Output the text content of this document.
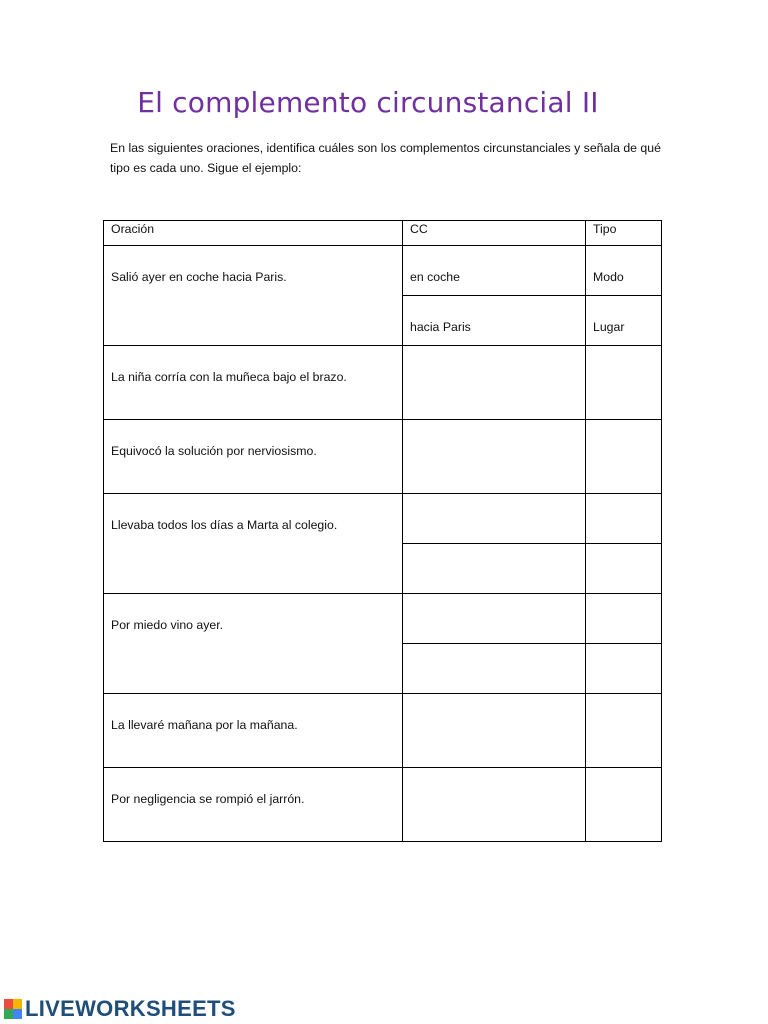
El complemento circunstancial II
En las siguientes oraciones, identifica cuáles son los complementos circunstanciales y señala de qué tipo es cada uno. Sigue el ejemplo:
Oración	CC	Tipo

Salió ayer en coche hacia Paris.	en coche	Modo

	hacia Paris	Lugar

La niña corría con la muñeca bajo el brazo.		

Equivocó la solución por nerviosismo.		

Llevaba todos los días a Marta al colegio.		

Por miedo vino ayer.		

La llevaré mañana por la mañana.		

Por negligencia se rompió el jarrón.		

LIVEWORKSHEETS
